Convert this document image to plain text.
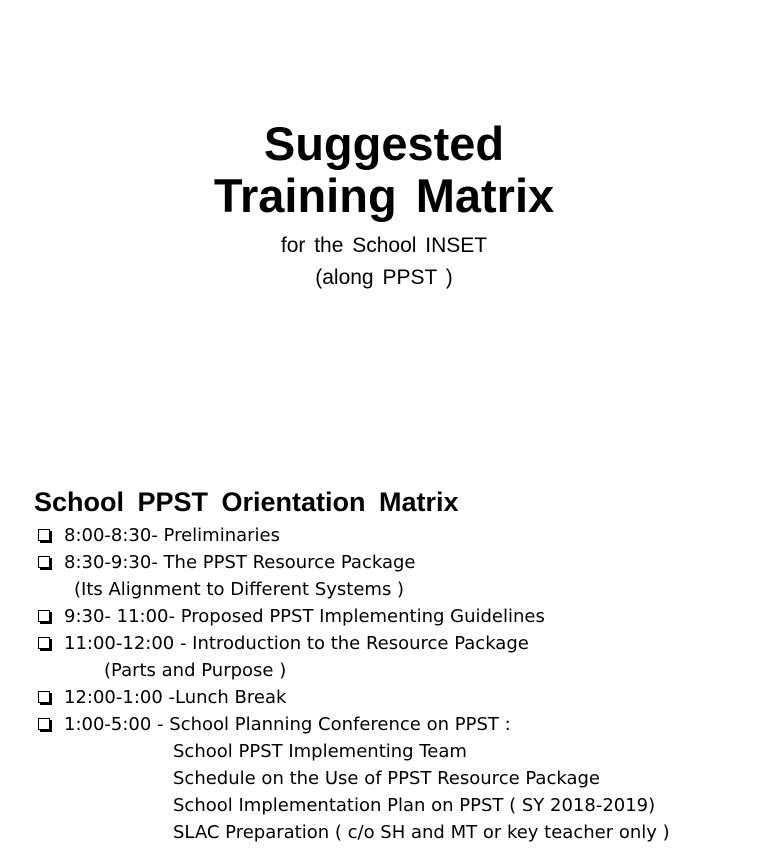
Suggested
Training Matrix
for the School INSET
(along PPST )
School PPST Orientation Matrix
8:00-8:30- Preliminaries
8:30-9:30- The PPST Resource Package
(Its Alignment to Different Systems )
9:30- 11:00- Proposed PPST Implementing Guidelines
11:00-12:00 - Introduction to the Resource Package
(Parts and Purpose )
12:00-1:00 -Lunch Break
1:00-5:00 - School Planning Conference on PPST :
School PPST Implementing Team
Schedule on the Use of PPST Resource Package
School Implementation Plan on PPST ( SY 2018-2019)
SLAC Preparation ( c/o SH and MT or key teacher only )
